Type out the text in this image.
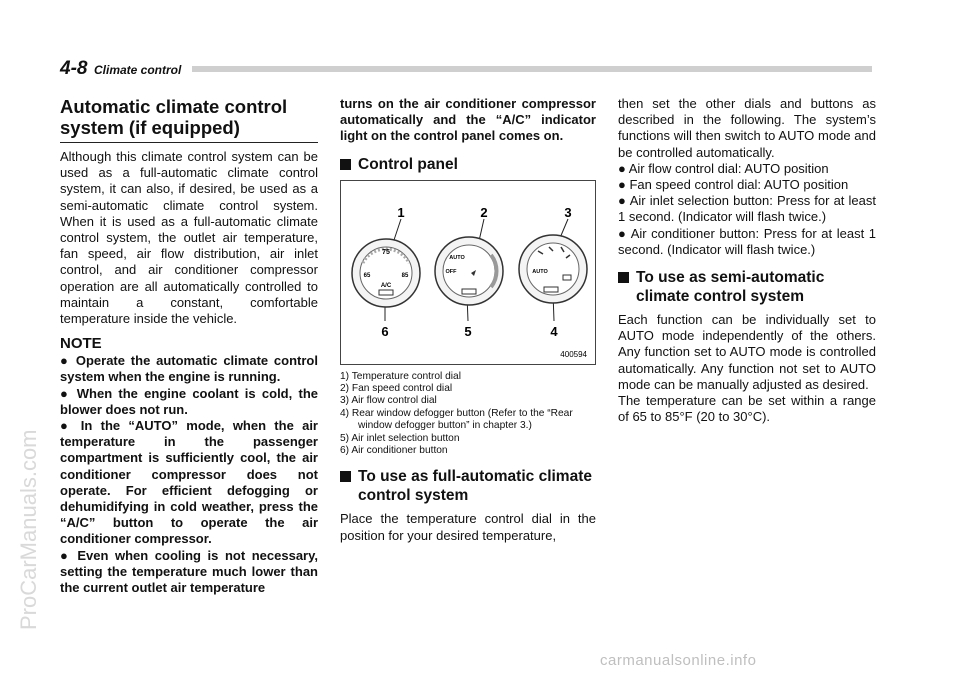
4-8 Climate control
Automatic climate control system (if equipped)

Although this climate control system can be used as a full-automatic climate control system, it can also, if desired, be used as a semi-automatic climate control system. When it is used as a full-automatic climate control system, the outlet air temperature, fan speed, air flow distribution, air inlet control, and air conditioner compressor operation are all automatically controlled to maintain a constant, comfortable temperature inside the vehicle.

NOTE

● Operate the automatic climate control system when the engine is running.

● When the engine coolant is cold, the blower does not run.

● In the “AUTO” mode, when the air temperature in the passenger compartment is sufficiently cool, the air conditioner compressor does not operate. For efficient defogging or dehumidifying in cold weather, press the “A/C” button to operate the air conditioner compressor.

● Even when cooling is not necessary, setting the temperature much lower than the current outlet air temperature

turns on the air conditioner compressor automatically and the “A/C” indicator light on the control panel comes on.

Control panel
75
65	85
A/C
AUTO
OFF	AUTO
1	2	3
6	5	4
400594
1) Temperature control dial
2) Fan speed control dial
3) Air flow control dial
4) Rear window defogger button (Refer to the “Rear window defogger button” in chapter 3.)
5) Air inlet selection button
6) Air conditioner button
To use as full-automatic climate control system

Place the temperature control dial in the position for your desired temperature,

then set the other dials and buttons as described in the following. The system’s functions will then switch to AUTO mode and be controlled automatically.

● Air flow control dial: AUTO position

● Fan speed control dial: AUTO position

● Air inlet selection button: Press for at least 1 second. (Indicator will flash twice.)

● Air conditioner button: Press for at least 1 second. (Indicator will flash twice.)

To use as semi-automatic climate control system

Each function can be individually set to AUTO mode independently of the others. Any function set to AUTO mode is controlled automatically. Any function not set to AUTO mode can be manually adjusted as desired.

The temperature can be set within a range of 65 to 85°F (20 to 30°C).

ProCarManuals.com
carmanualsonline.info
